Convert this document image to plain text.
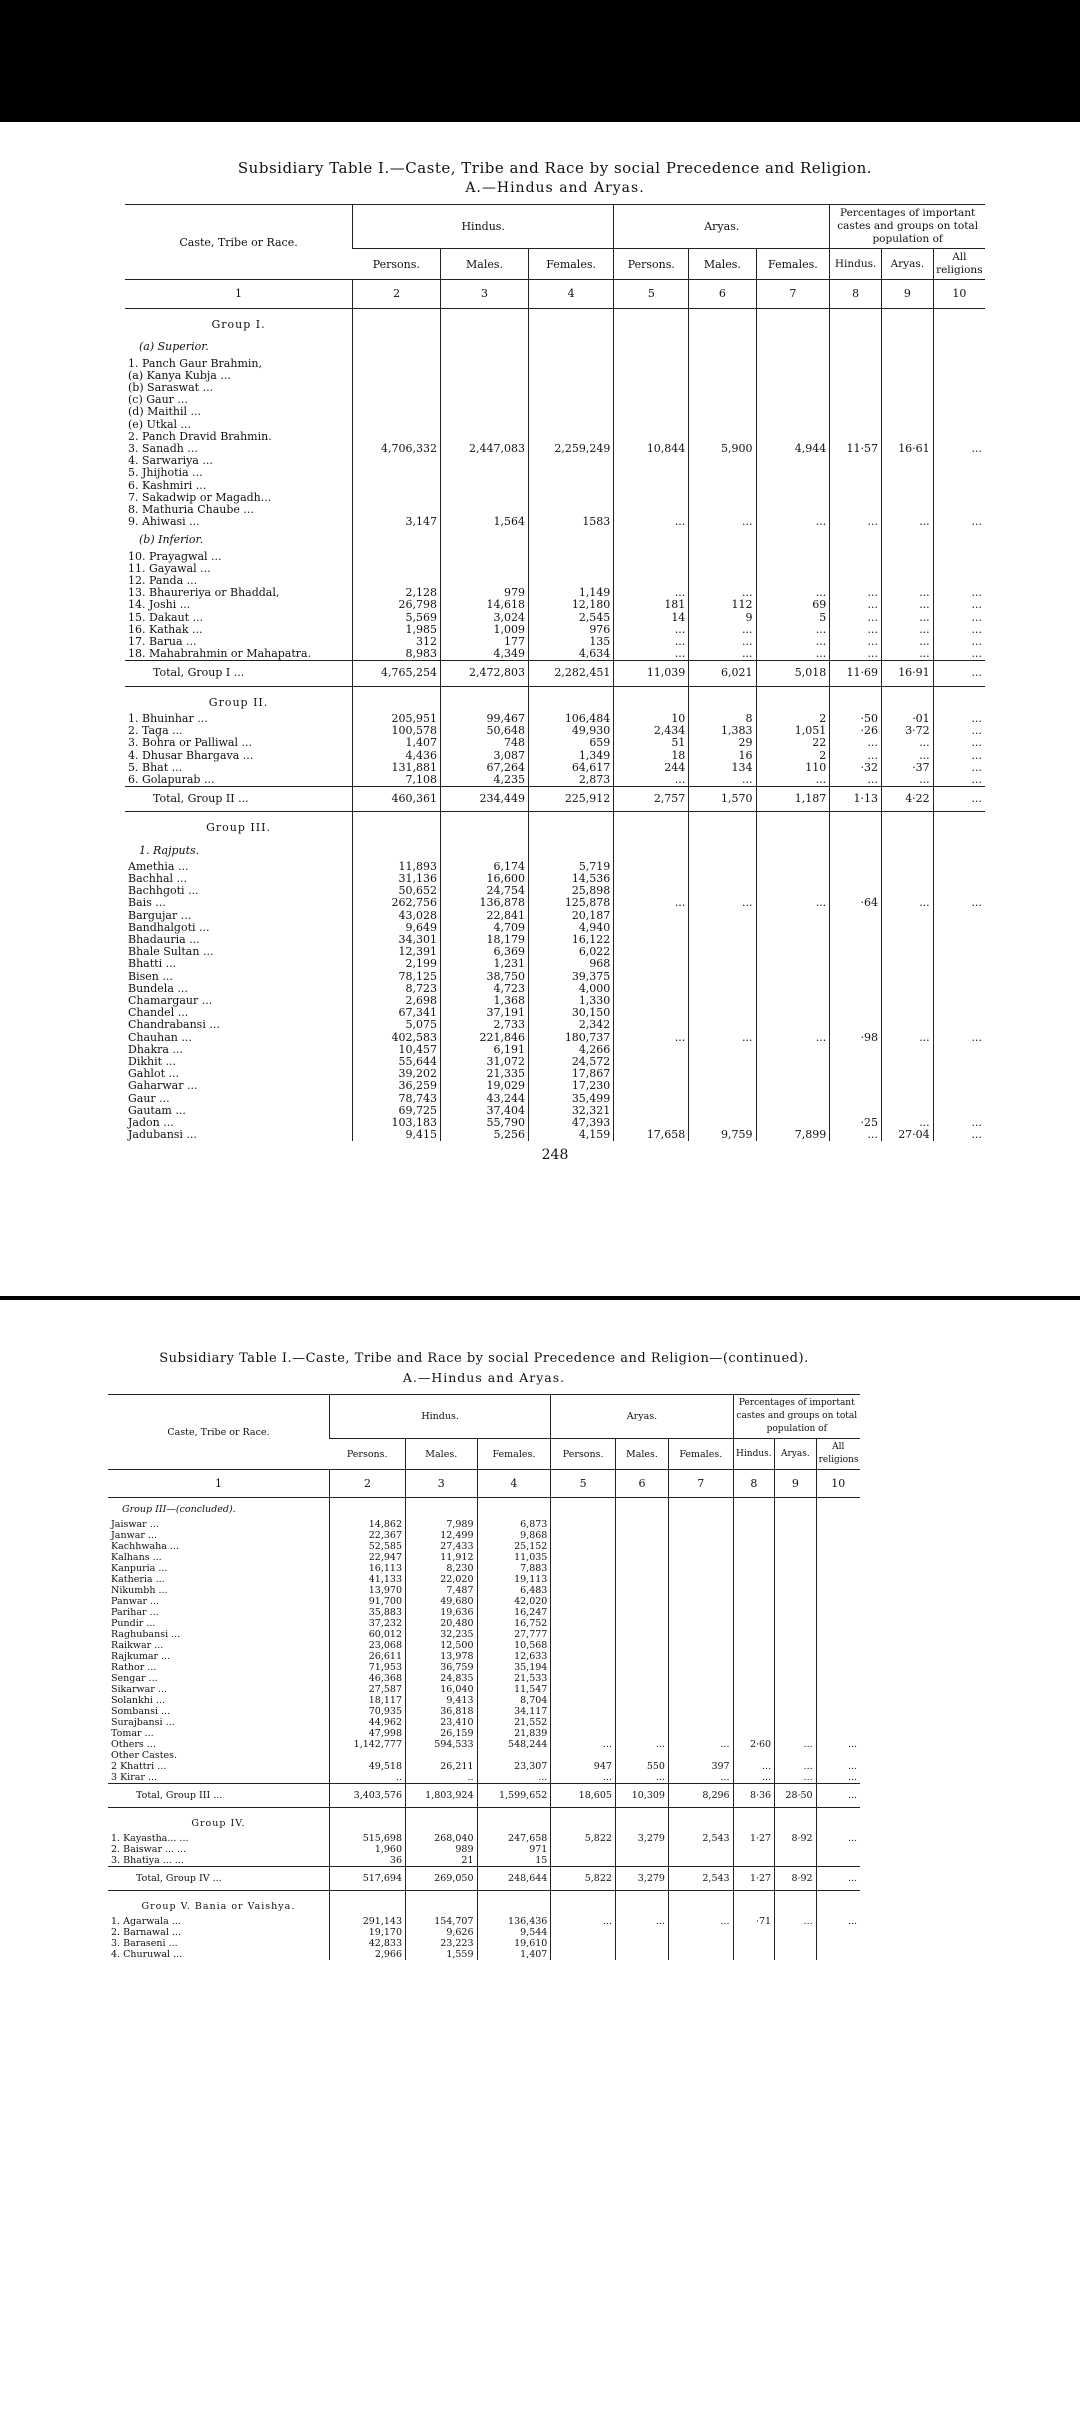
Subsidiary Table I.—Caste, Tribe and Race by social Precedence and Religion.
A.—Hindus and Aryas.
Caste, Tribe or Race.	Hindus.			Aryas.			Percentages of important castes and groups on total population of		
	Persons.	Males.	Females.	Persons.	Males.	Females.	Hindus.	Aryas.	All religions
1	2	3	4	5	6	7	8	9	10
Group I.									
(a) Superior.									
1. Panch Gaur Brahmin,									
(a) Kanya Kubja ...									
(b) Saraswat ...									
(c) Gaur ...									
(d) Maithil ...									
(e) Utkal ...									
2. Panch Dravid Brahmin.									
3. Sanadh ...	4,706,332	2,447,083	2,259,249	10,844	5,900	4,944	11·57	16·61	...
4. Sarwariya ...									
5. Jhijhotia ...									
6. Kashmiri ...									
7. Sakadwip or Magadh...									
8. Mathuria Chaube ...									
9. Ahiwasi ...	3,147	1,564	1583	...	...	...	...	...	...
(b) Inferior.									
10. Prayagwal ...									
11. Gayawal ...									
12. Panda ...									
13. Bhaureriya or Bhaddal,	2,128	979	1,149	...	...	...	...	...	...
14. Joshi ...	26,798	14,618	12,180	181	112	69	...	...	...
15. Dakaut ...	5,569	3,024	2,545	14	9	5	...	...	...
16. Kathak ...	1,985	1,009	976	...	...	...	...	...	...
17. Barua ...	312	177	135	...	...	...	...	...	...
18. Mahabrahmin or Mahapatra.	8,983	4,349	4,634	...	...	...	...	...	...
Total, Group I ...	4,765,254	2,472,803	2,282,451	11,039	6,021	5,018	11·69	16·91	...
Group II.									
1. Bhuinhar ...	205,951	99,467	106,484	10	8	2	·50	·01	...
2. Taga ...	100,578	50,648	49,930	2,434	1,383	1,051	·26	3·72	...
3. Bohra or Palliwal ...	1,407	748	659	51	29	22	...	...	...
4. Dhusar Bhargava ...	4,436	3,087	1,349	18	16	2	...	...	...
5. Bhat ...	131,881	67,264	64,617	244	134	110	·32	·37	...
6. Golapurab ...	7,108	4,235	2,873	...	...	...	...	...	...
Total, Group II ...	460,361	234,449	225,912	2,757	1,570	1,187	1·13	4·22	...
Group III.									
1. Rajputs.									
Amethia ...	11,893	6,174	5,719						
Bachhal ...	31,136	16,600	14,536						
Bachhgoti ...	50,652	24,754	25,898						
Bais ...	262,756	136,878	125,878	...	...	...	·64	...	...
Bargujar ...	43,028	22,841	20,187						
Bandhalgoti ...	9,649	4,709	4,940						
Bhadauria ...	34,301	18,179	16,122						
Bhale Sultan ...	12,391	6,369	6,022						
Bhatti ...	2,199	1,231	968						
Bisen ...	78,125	38,750	39,375						
Bundela ...	8,723	4,723	4,000						
Chamargaur ...	2,698	1,368	1,330						
Chandel ...	67,341	37,191	30,150						
Chandrabansi ...	5,075	2,733	2,342						
Chauhan ...	402,583	221,846	180,737	...	...	...	·98	...	...
Dhakra ...	10,457	6,191	4,266						
Dikhit ...	55,644	31,072	24,572						
Gahlot ...	39,202	21,335	17,867						
Gaharwar ...	36,259	19,029	17,230						
Gaur ...	78,743	43,244	35,499						
Gautam ...	69,725	37,404	32,321						
Jadon ...	103,183	55,790	47,393				·25	...	...
Jadubansi ...	9,415	5,256	4,159	17,658	9,759	7,899	...	27·04	...
248
Subsidiary Table I.—Caste, Tribe and Race by social Precedence and Religion—(continued).
A.—Hindus and Aryas.
Caste, Tribe or Race.	Hindus.			Aryas.			Percentages of important castes and groups on total population of		
	Persons.	Males.	Females.	Persons.	Males.	Females.	Hindus.	Aryas.	All religions
1	2	3	4	5	6	7	8	9	10
Group III—(concluded).									
Jaiswar ...	14,862	7,989	6,873						
Janwar ...	22,367	12,499	9,868						
Kachhwaha ...	52,585	27,433	25,152						
Kalhans ...	22,947	11,912	11,035						
Kanpuria ...	16,113	8,230	7,883						
Katheria ...	41,133	22,020	19,113						
Nikumbh ...	13,970	7,487	6,483						
Panwar ...	91,700	49,680	42,020						
Parihar ...	35,883	19,636	16,247						
Pundir ...	37,232	20,480	16,752						
Raghubansi ...	60,012	32,235	27,777						
Raikwar ...	23,068	12,500	10,568						
Rajkumar ...	26,611	13,978	12,633						
Rathor ...	71,953	36,759	35,194						
Sengar ...	46,368	24,835	21,533						
Sikarwar ...	27,587	16,040	11,547						
Solankhi ...	18,117	9,413	8,704						
Sombansi ...	70,935	36,818	34,117						
Surajbansi ...	44,962	23,410	21,552						
Tomar ...	47,998	26,159	21,839						
Others ...	1,142,777	594,533	548,244	...	...	...	2·60	...	...
Other Castes.									
2 Khattri ...	49,518	26,211	23,307	947	550	397	...	...	...
3 Kirar ...	..	..	...	...	...	...	...	...	...
Total, Group III ...	3,403,576	1,803,924	1,599,652	18,605	10,309	8,296	8·36	28·50	...
Group IV.									
1. Kayastha... ...	515,698	268,040	247,658	5,822	3,279	2,543	1·27	8·92	...
2. Baiswar ... ...	1,960	989	971						
3. Bhatiya ... ...	36	21	15						
Total, Group IV ...	517,694	269,050	248,644	5,822	3,279	2,543	1·27	8·92	...
Group V. Bania or Vaishya.									
1. Agarwala ...	291,143	154,707	136,436	...	...	...	·71	...	...
2. Barnawal ...	19,170	9,626	9,544						
3. Baraseni ...	42,833	23,223	19,610						
4. Churuwal ...	2,966	1,559	1,407						
